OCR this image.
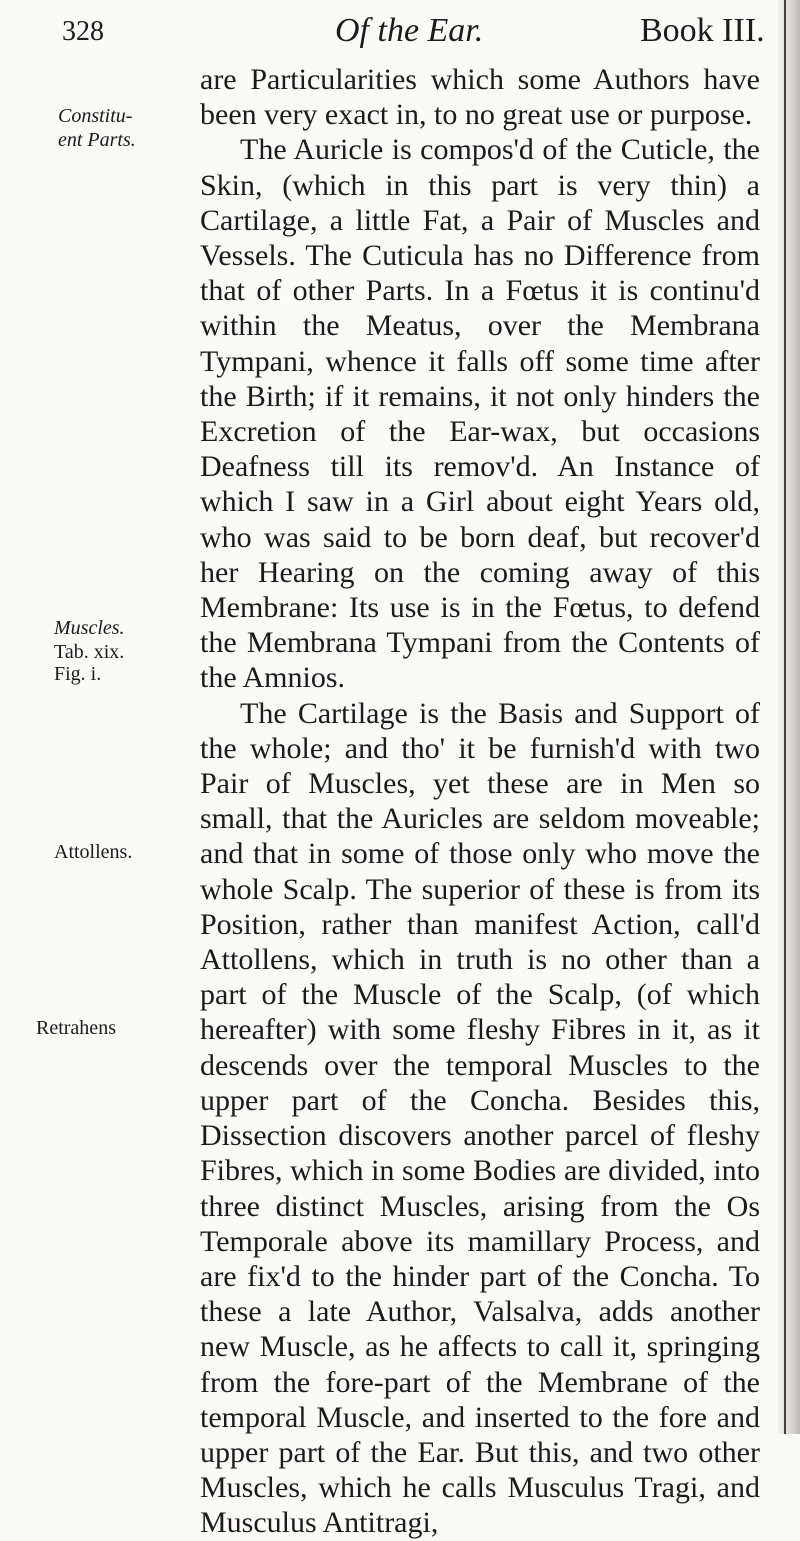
328	Of the Ear.	Book III.
Constitu-
ent Parts.
Muscles.
Tab. xix.
Fig. i.
Attollens.
Retrahens

are Particularities which some Authors have been very exact in, to no great use or purpose.

The Auricle is compos'd of the Cuticle, the Skin, (which in this part is very thin) a Cartilage, a little Fat, a Pair of Muscles and Vessels. The Cuticula has no Difference from that of other Parts. In a Fœtus it is continu'd within the Meatus, over the Membrana Tympani, whence it falls off some time after the Birth; if it remains, it not only hinders the Excretion of the Ear-wax, but occasions Deafness till its remov'd. An Instance of which I saw in a Girl about eight Years old, who was said to be born deaf, but recover'd her Hearing on the coming away of this Membrane: Its use is in the Fœtus, to defend the Membrana Tympani from the Contents of the Amnios.

The Cartilage is the Basis and Support of the whole; and tho' it be furnish'd with two Pair of Muscles, yet these are in Men so small, that the Auricles are seldom moveable; and that in some of those only who move the whole Scalp. The superior of these is from its Position, rather than manifest Action, call'd Attollens, which in truth is no other than a part of the Muscle of the Scalp, (of which hereafter) with some fleshy Fibres in it, as it descends over the temporal Muscles to the upper part of the Concha. Besides this, Dissection discovers another parcel of fleshy Fibres, which in some Bodies are divided, into three distinct Muscles, arising from the Os Temporale above its mamillary Process, and are fix'd to the hinder part of the Concha. To these a late Author, Valsalva, adds another new Muscle, as he affects to call it, springing from the fore-part of the Membrane of the temporal Muscle, and inserted to the fore and upper part of the Ear. But this, and two other Muscles, which he calls Musculus Tragi, and Musculus Antitragi,
